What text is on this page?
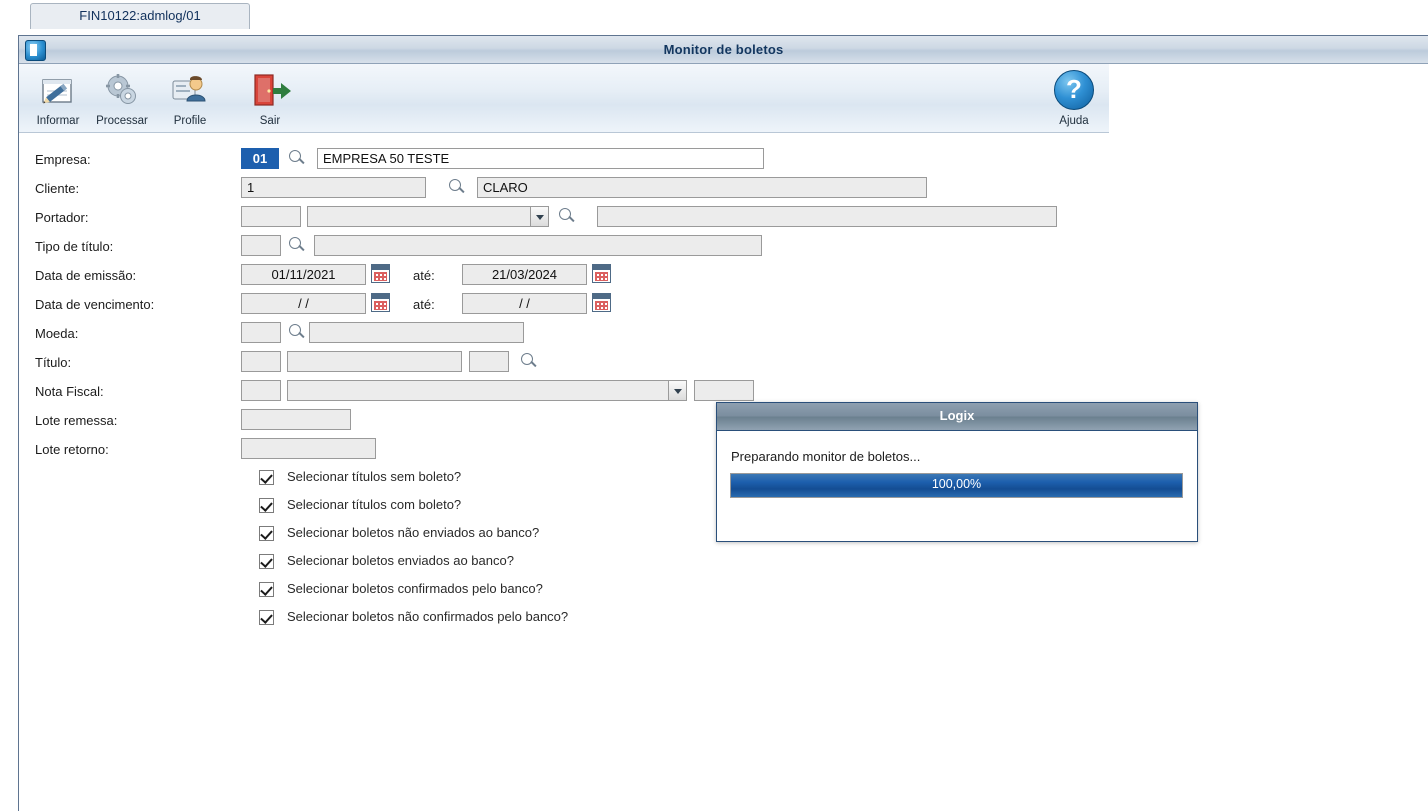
FIN10122:admlog/01
Monitor de boletos
Informar	Processar	Profile	Sair
?
Ajuda
Empresa:	01	EMPRESA 50 TESTE
Cliente:	1	CLARO
Portador:
Tipo de título:
Data de emissão:	01/11/2021	até:	21/03/2024
Data de vencimento:	/ /	até:	/ /
Moeda:
Título:
Nota Fiscal:
Lote remessa:
Lote retorno:
Selecionar títulos sem boleto?
Selecionar títulos com boleto?
Selecionar boletos não enviados ao banco?
Selecionar boletos enviados ao banco?
Selecionar boletos confirmados pelo banco?
Selecionar boletos não confirmados pelo banco?
Logix
Preparando monitor de boletos...
100,00%
